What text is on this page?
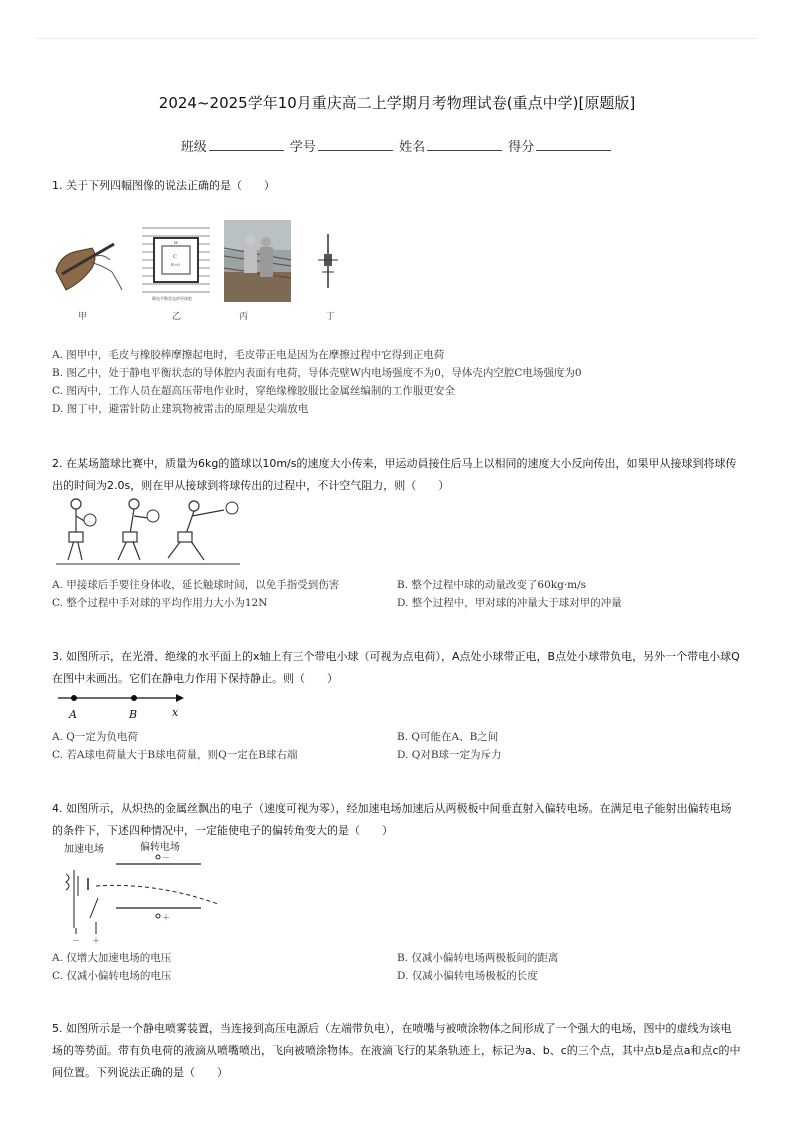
2024~2025学年10月重庆高二上学期月考物理试卷(重点中学)[原题版]
班级	学号	姓名	得分
1. 关于下列四幅图像的说法正确的是（　　）
C
E=0
W
静电平衡状态的导体腔
甲	乙	丙	丁
A. 图甲中，毛皮与橡胶棒摩擦起电时，毛皮带正电是因为在摩擦过程中它得到正电荷
B. 图乙中，处于静电平衡状态的导体腔内表面有电荷，导体壳壁W内电场强度不为0，导体壳内空腔C电场强度为0
C. 图丙中，工作人员在超高压带电作业时，穿绝缘橡胶服比金属丝编制的工作服更安全
D. 图丁中，避雷针防止建筑物被雷击的原理是尖端放电
2. 在某场篮球比赛中，质量为6kg的篮球以10m/s的速度大小传来，甲运动員接住后马上以相同的速度大小反向传出，如果甲从接球到将球传出的时间为2.0s，则在甲从接球到将球传出的过程中，不计空气阻力，则（　　）
A. 甲接球后手要往身体收，延长触球时间，以免手指受到伤害	B. 整个过程中球的动量改变了60kg·m/s
C. 整个过程中手对球的平均作用力大小为12N	D. 整个过程中，甲对球的冲量大于球对甲的冲量
3. 如图所示，在光滑、绝缘的水平面上的x轴上有三个带电小球（可视为点电荷），A点处小球带正电，B点处小球带负电，另外一个带电小球Q在图中未画出。它们在静电力作用下保持静止。则（　　）
A	B	x
A. Q一定为负电荷	B. Q可能在A、B之间
C. 若A球电荷量大于B球电荷量，则Q一定在B球右端	D. Q对B球一定为斥力
4. 如图所示，从炽热的金属丝飘出的电子（速度可视为零），经加速电场加速后从两极板中间垂直射入偏转电场。在满足电子能射出偏转电场的条件下，下述四种情况中，一定能使电子的偏转角变大的是（　　）
加速电场	偏转电场
－
＋
－ ＋
A. 仅增大加速电场的电压	B. 仅减小偏转电场两极板间的距离
C. 仅减小偏转电场的电压	D. 仅减小偏转电场极板的长度
5. 如图所示是一个静电喷雾装置，当连接到高压电源后（左端带负电），在喷嘴与被喷涂物体之间形成了一个强大的电场，图中的虚线为该电场的等势面。带有负电荷的液滴从喷嘴喷出，飞向被喷涂物体。在液滴飞行的某条轨迹上，标记为a、b、c的三个点，其中点b是点a和点c的中间位置。下列说法正确的是（　　）
